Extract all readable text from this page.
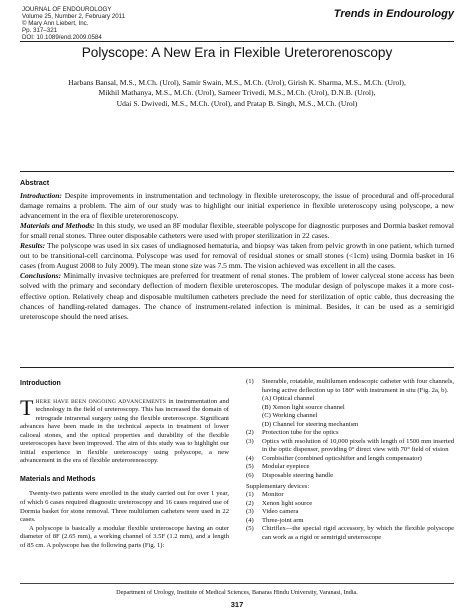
JOURNAL OF ENDOUROLOGY
Volume 25, Number 2, February 2011
© Mary Ann Liebert, Inc.
Pp. 317–321
DOI: 10.1089/end.2009.0584
Trends in Endourology
Polyscope: A New Era in Flexible Ureterorenoscopy
Harbans Bansal, M.S., M.Ch. (Urol), Samir Swain, M.S., M.Ch. (Urol), Girish K. Sharma, M.S., M.Ch. (Urol),
Mikhil Mathanya, M.S., M.Ch. (Urol), Sameer Trivedi, M.S., M.Ch. (Urol), D.N.B. (Urol),
Udai S. Dwivedi, M.S., M.Ch. (Urol), and Pratap B. Singh, M.S., M.Ch. (Urol)
Abstract

Introduction: Despite improvements in instrumentation and technology in flexible ureteroscopy, the issue of procedural and off-procedural damage remains a problem. The aim of our study was to highlight our initial experience in flexible ureteroscopy using polyscope, a new advancement in the era of flexible ureterorenoscopy.
Materials and Methods: In this study, we used an 8F modular flexible, steerable polyscope for diagnostic purposes and Dormia basket removal for small renal stones. Three outer disposable catheters were used with proper sterilization in 22 cases.
Results: The polyscope was used in six cases of undiagnosed hematuria, and biopsy was taken from pelvic growth in one patient, which turned out to be transitional-cell carcinoma. Polyscope was used for removal of residual stones or small stones (<1cm) using Dormia basket in 16 cases (from August 2008 to July 2009). The mean stone size was 7.5 mm. The vision achieved was excellent in all the cases.
Conclusions: Minimally invasive techniques are preferred for treatment of renal stones. The problem of lower calyceal stone access has been solved with the primary and secondary deflection of modern flexible ureteroscopes. The modular design of polyscope makes it a more cost-effective option. Relatively cheap and disposable multilumen catheters preclude the need for sterilization of optic cable, thus decreasing the chances of handling-related damages. The chance of instrument-related infection is minimal. Besides, it can be used as a semirigid ureteroscope should the need arises.

Introduction

THERE HAVE BEEN ONGOING ADVANCEMENTS in instrumentation and technology in the field of ureteroscopy. This has increased the domain of retrograde intrarenal surgery using the flexible ureteroscope. Significant advances have been made in the technical aspects in treatment of lower calioeal stones, and the optical properties and durability of the flexible ureteroscopes have been improved. The aim of this study was to highlight our initial experience in flexible ureteroscopy using polyscope, a new advancement in the era of flexible ureterorenoscopy.

Materials and Methods

Twenty-two patients were enrolled in the study carried out for over 1 year, of which 6 cases required diagnostic ureteroscopy and 16 cases required use of Dormia basket for stone removal. Three multilumen catheters were used in 22 cases.

A polyscope is basically a modular flexible ureteroscope having an outer diameter of 8F (2.65 mm), a working channel of 3.5F (1.2 mm), and a length of 85 cm. A polyscope has the following parts (Fig. 1):

(1) Steerable, rotatable, multilumen endoscopic catheter with four channels, having active deflection up to 180° with instrument in situ (Fig. 2a, b).
(A) Optical channel
(B) Xenon light source channel
(C) Working channel
(D) Channel for steering mechanism
(2) Protection tube for the optics
(3) Optics with resolution of 10,000 pixels with length of 1500 mm inserted in the optic dispenser, providing 0° direct view with 70° field of vision
(4) Combisifter (combined opticshifter and length compensator)
(5) Modular eyepiece
(6) Disposable steering handle
Supplementary devices:
(1) Monitor
(2) Xenon light source
(3) Video camera
(4) Three-joint arm
(5) Chiriflex—the special rigid accessory, by which the flexible polyscope can work as a rigid or semirigid ureteroscope
Department of Urology, Institute of Medical Sciences, Banaras Hindu University, Varanasi, India.
317
